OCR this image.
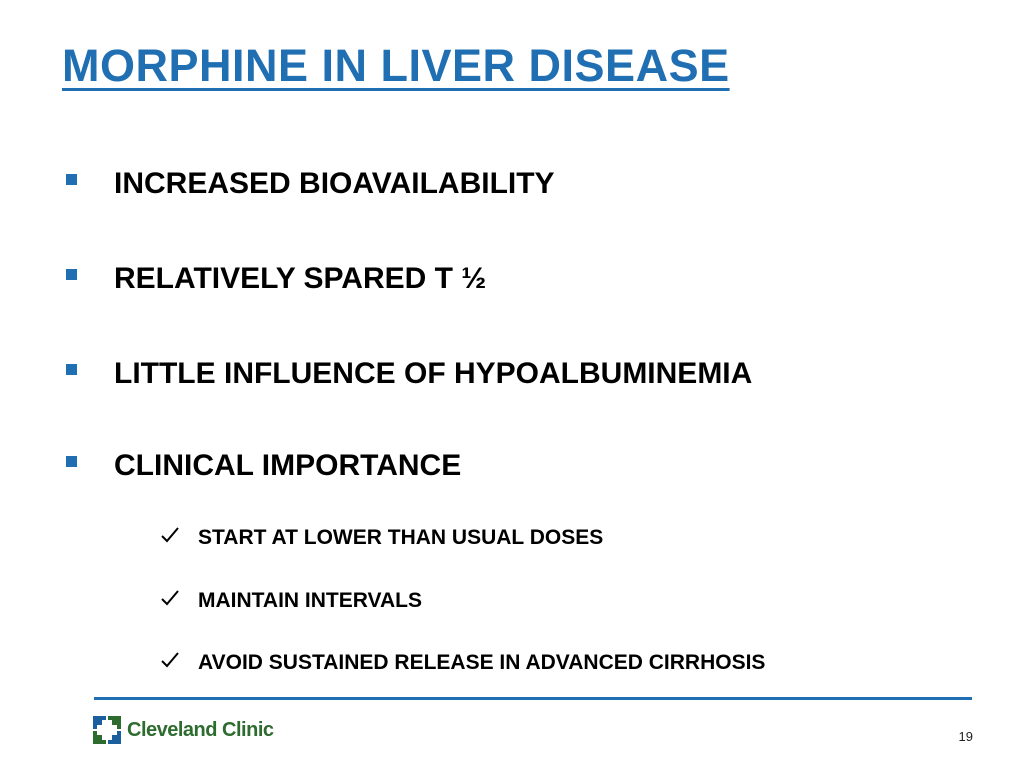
MORPHINE IN LIVER DISEASE
INCREASED BIOAVAILABILITY
RELATIVELY SPARED T ½
LITTLE INFLUENCE OF HYPOALBUMINEMIA
CLINICAL IMPORTANCE
START AT LOWER THAN USUAL DOSES
MAINTAIN INTERVALS
AVOID SUSTAINED RELEASE IN ADVANCED CIRRHOSIS
Cleveland Clinic	19
